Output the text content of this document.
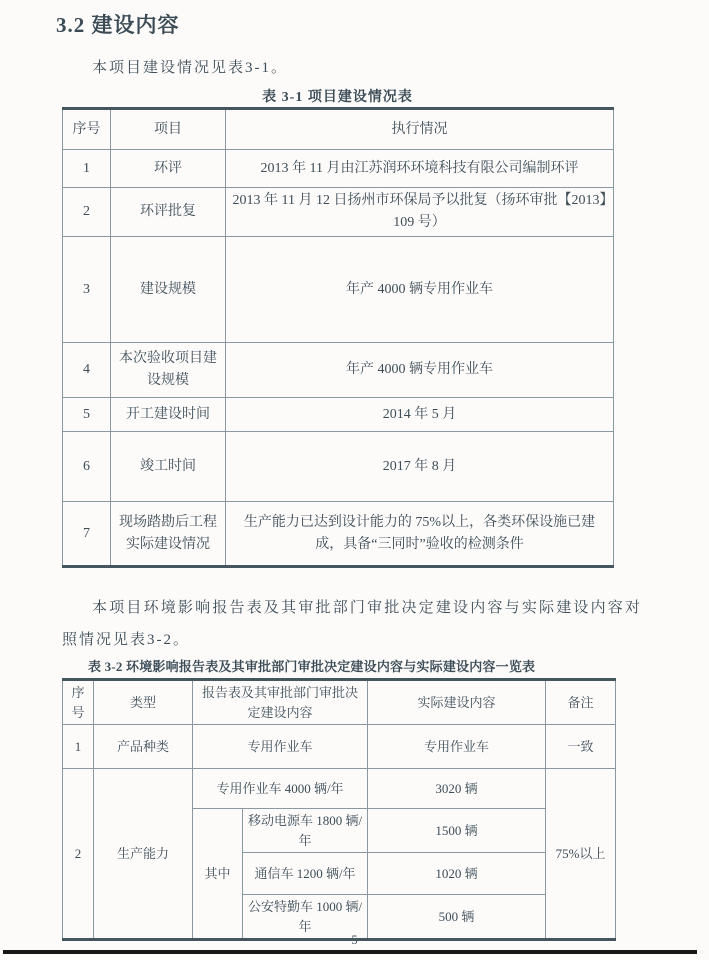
3.2 建设内容

本项目建设情况见表3-1。

表 3-1 项目建设情况表
序号	项目	执行情况
1	环评	2013 年 11 月由江苏润环环境科技有限公司编制环评
2	环评批复	2013 年 11 月 12 日扬州市环保局予以批复（扬环审批【2013】109 号）
3	建设规模	年产 4000 辆专用作业车
4	本次验收项目建设规模	年产 4000 辆专用作业车
5	开工建设时间	2014 年 5 月
6	竣工时间	2017 年 8 月
7	现场踏勘后工程实际建设情况	生产能力已达到设计能力的 75%以上，各类环保设施已建成，具备“三同时”验收的检测条件

本项目环境影响报告表及其审批部门审批决定建设内容与实际建设内容对照情况见表3-2。

表 3-2 环境影响报告表及其审批部门审批决定建设内容与实际建设内容一览表
序号	类型	报告表及其审批部门审批决定建设内容		实际建设内容	备注
1	产品种类	专用作业车		专用作业车	一致
2	生产能力	专用作业车 4000 辆/年		3020 辆	75%以上
		其中	移动电源车 1800 辆/年	1500 辆	
			通信车 1200 辆/年	1020 辆	
			公安特勤车 1000 辆/年	500 辆	
5
